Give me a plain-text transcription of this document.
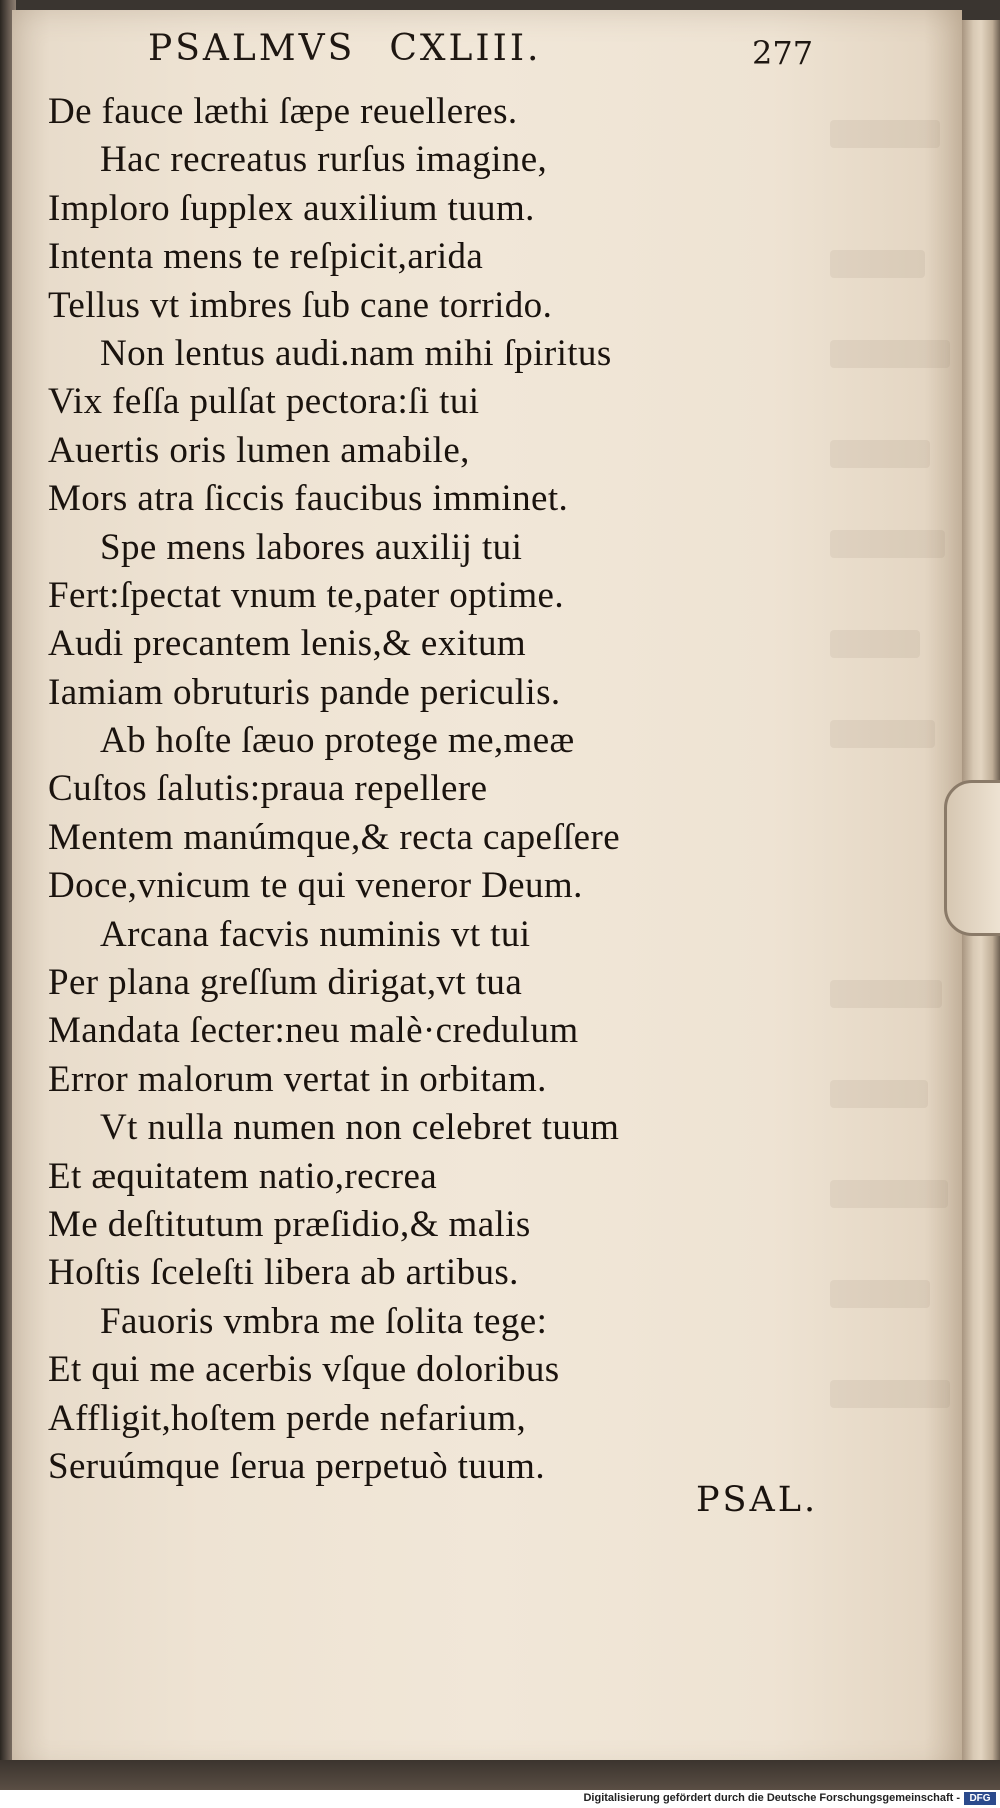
PSALMVS CXLIII.	277
De fauce læthi ſæpe reuelleres.
Hac recreatus rurſus imagine,
Imploro ſupplex auxilium tuum.
Intenta mens te reſpicit,arida
Tellus vt imbres ſub cane torrido.
Non lentus audi.nam mihi ſpiritus
Vix feſſa pulſat pectora:ſi tui
Auertis oris lumen amabile,
Mors atra ſiccis faucibus imminet.
Spe mens labores auxilij tui
Fert:ſpectat vnum te,pater optime.
Audi precantem lenis,& exitum
Iamiam obruturis pande periculis.
Ab hoſte ſæuo protege me,meæ
Cuſtos ſalutis:praua repellere
Mentem manúmque,& recta capeſſere
Doce,vnicum te qui veneror Deum.
Arcana facvis numinis vt tui
Per plana greſſum dirigat,vt tua
Mandata ſecter:neu malè·credulum
Error malorum vertat in orbitam.
Vt nulla numen non celebret tuum
Et æquitatem natio,recrea
Me deſtitutum præſidio,& malis
Hoſtis ſceleſti libera ab artibus.
Fauoris vmbra me ſolita tege:
Et qui me acerbis vſque doloribus
Affligit,hoſtem perde nefarium,
Seruúmque ſerua perpetuò tuum.
PSAL.
Digitalisierung gefördert durch die Deutsche Forschungsgemeinschaft - DFG
